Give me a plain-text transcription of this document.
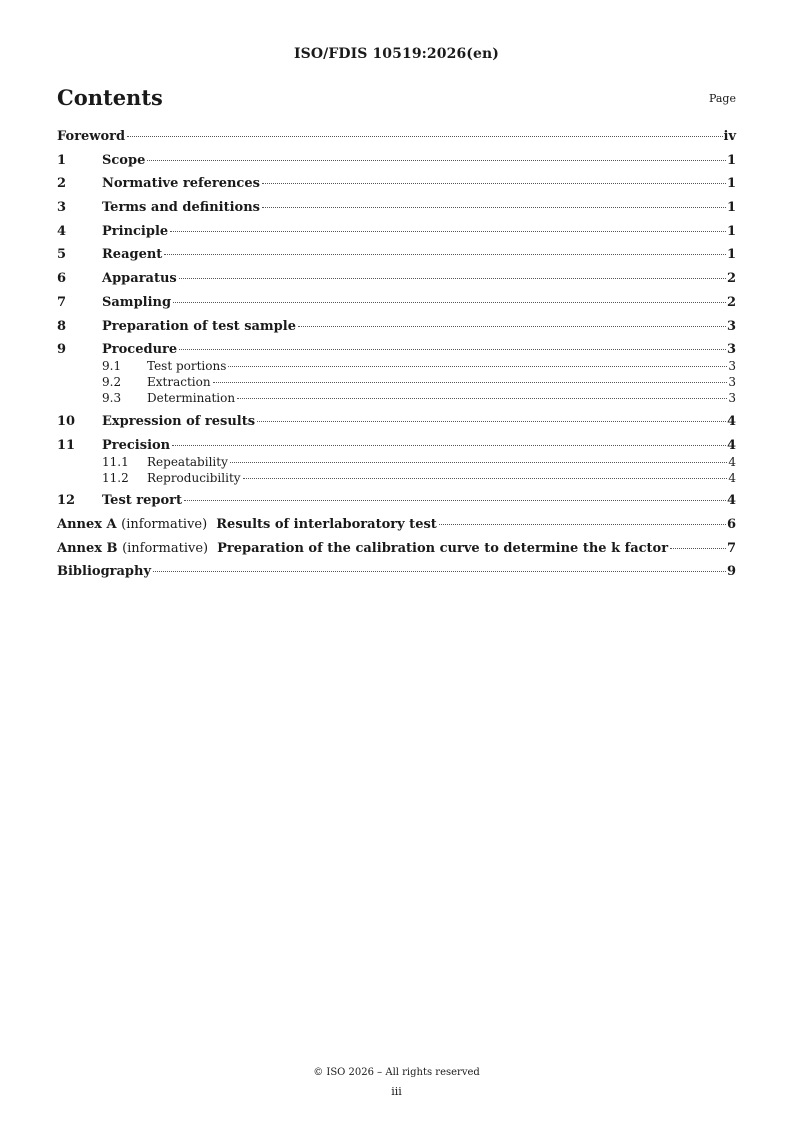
ISO/FDIS 10519:2026(en)
Contents	Page
Foreword	iv
1	Scope	1
2	Normative references	1
3	Terms and definitions	1
4	Principle	1
5	Reagent	1
6	Apparatus	2
7	Sampling	2
8	Preparation of test sample	3
9	Procedure	3
9.1	Test portions	3
9.2	Extraction	3
9.3	Determination	3
10	Expression of results	4
11	Precision	4
11.1	Repeatability	4
11.2	Reproducibility	4
12	Test report	4
Annex A (informative) Results of interlaboratory test	6
Annex B (informative) Preparation of the calibration curve to determine the k factor	7
Bibliography	9
© ISO 2026 – All rights reserved
iii
